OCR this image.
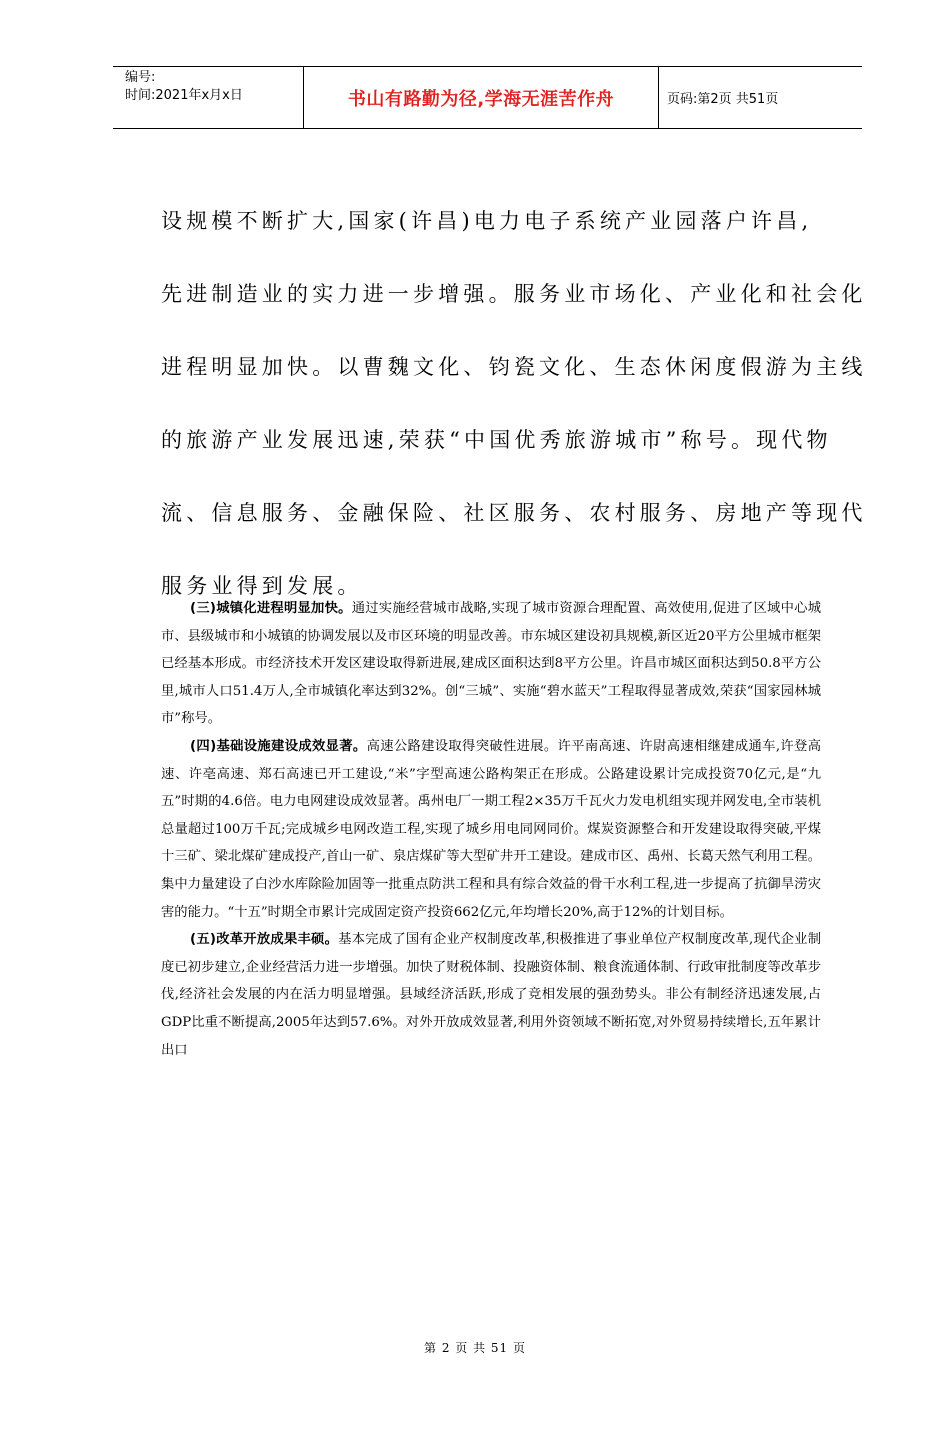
编号:
时间:2021年x月x日	书山有路勤为径,学海无涯苦作舟	页码:第2页 共51页
设规模不断扩大,国家(许昌)电力电子系统产业园落户许昌,
先进制造业的实力进一步增强。服务业市场化、产业化和社会化
进程明显加快。以曹魏文化、钧瓷文化、生态休闲度假游为主线
的旅游产业发展迅速,荣获“中国优秀旅游城市”称号。现代物
流、信息服务、金融保险、社区服务、农村服务、房地产等现代
服务业得到发展。

(三)城镇化进程明显加快。通过实施经营城市战略,实现了城市资源合理配置、高效使用,促进了区域中心城市、县级城市和小城镇的协调发展以及市区环境的明显改善。市东城区建设初具规模,新区近20平方公里城市框架已经基本形成。市经济技术开发区建设取得新进展,建成区面积达到8平方公里。许昌市城区面积达到50.8平方公里,城市人口51.4万人,全市城镇化率达到32%。创“三城”、实施“碧水蓝天”工程取得显著成效,荣获“国家园林城市”称号。

(四)基础设施建设成效显著。高速公路建设取得突破性进展。许平南高速、许尉高速相继建成通车,许登高速、许亳高速、郑石高速已开工建设,“米”字型高速公路构架正在形成。公路建设累计完成投资70亿元,是“九五”时期的4.6倍。电力电网建设成效显著。禹州电厂一期工程2×35万千瓦火力发电机组实现并网发电,全市装机总量超过100万千瓦;完成城乡电网改造工程,实现了城乡用电同网同价。煤炭资源整合和开发建设取得突破,平煤十三矿、梁北煤矿建成投产,首山一矿、泉店煤矿等大型矿井开工建设。建成市区、禹州、长葛天然气利用工程。集中力量建设了白沙水库除险加固等一批重点防洪工程和具有综合效益的骨干水利工程,进一步提高了抗御旱涝灾害的能力。“十五”时期全市累计完成固定资产投资662亿元,年均增长20%,高于12%的计划目标。

(五)改革开放成果丰硕。基本完成了国有企业产权制度改革,积极推进了事业单位产权制度改革,现代企业制度已初步建立,企业经营活力进一步增强。加快了财税体制、投融资体制、粮食流通体制、行政审批制度等改革步伐,经济社会发展的内在活力明显增强。县域经济活跃,形成了竞相发展的强劲势头。非公有制经济迅速发展,占GDP比重不断提高,2005年达到57.6%。对外开放成效显著,利用外资领域不断拓宽,对外贸易持续增长,五年累计出口

第 2 页 共 51 页
